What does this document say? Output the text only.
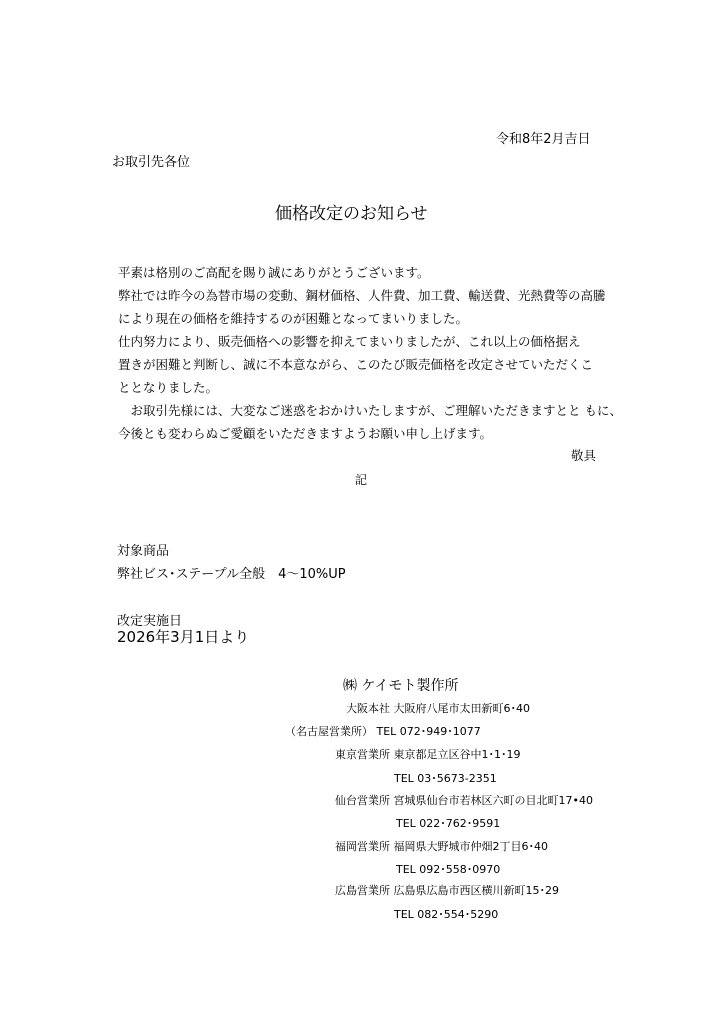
令和8年2月吉日
お取引先各位
価格改定のお知らせ
平素は格別のご高配を賜り誠にありがとうございます。
弊社では昨今の為替市場の変動、鋼材価格、人件費、加工費、輸送費、光熱費等の高騰
により現在の価格を維持するのが困難となってまいりました。
仕内努力により、販売価格への影響を抑えてまいりましたが、これ以上の価格据え
置きが困難と判断し、誠に不本意ながら、このたび販売価格を改定させていただくこ
ととなりました。
　お取引先様には、大変なご迷惑をおかけいたしますが、ご理解いただきますとと もに、
今後とも変わらぬご愛顧をいただきますようお願い申し上げます。
敬具
記
対象商品
弊社ビス･ステープル全般　4～10%UP
改定実施日
2026年3月1日より
㈱ ケイモト製作所
大阪本社 大阪府八尾市太田新町6･40
（名古屋営業所） TEL 072･949･1077
東京営業所 東京都足立区谷中1･1･19
TEL 03･5673-2351
仙台営業所 宮城県仙台市若林区六町の目北町17•40
TEL 022･762･9591
福岡営業所 福岡県大野城市仲畑2丁目6･40
TEL 092･558･0970
広島営業所 広島県広島市西区横川新町15･29
TEL 082･554･5290
